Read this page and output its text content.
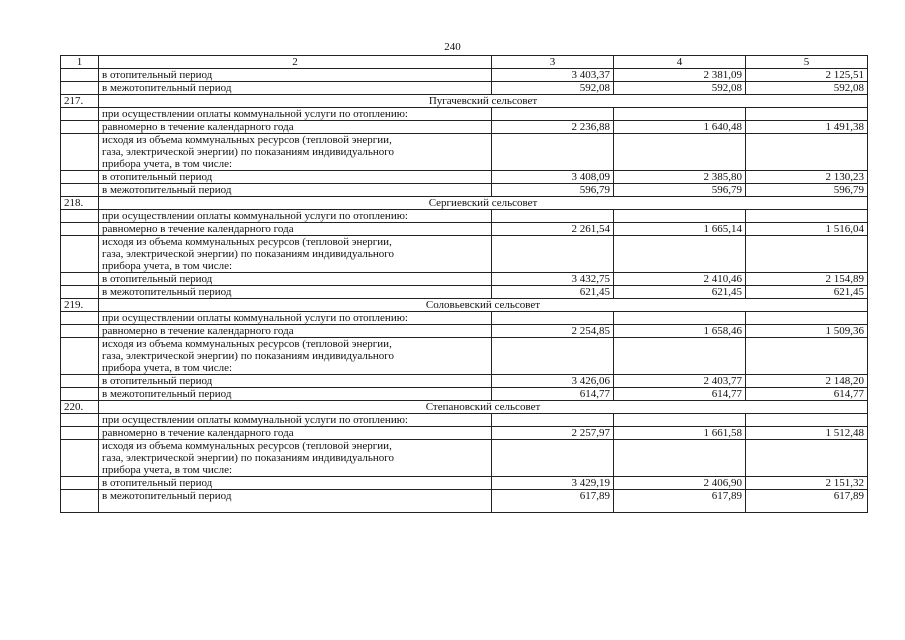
240
1	2	3	4	5
	в отопительный период	3 403,37	2 381,09	2 125,51
	в межотопительный период	592,08	592,08	592,08
217.	Пугачевский сельсовет			
	при осуществлении оплаты коммунальной услуги по отоплению:			
	равномерно в течение календарного года	2 236,88	1 640,48	1 491,38

	исходя из объема коммунальных ресурсов (тепловой энергии,
газа, электрической энергии) по показаниям индивидуального
прибора учета, в том числе:			

	в отопительный период	3 408,09	2 385,80	2 130,23
	в межотопительный период	596,79	596,79	596,79
218.	Сергиевский сельсовет			
	при осуществлении оплаты коммунальной услуги по отоплению:			
	равномерно в течение календарного года	2 261,54	1 665,14	1 516,04

	исходя из объема коммунальных ресурсов (тепловой энергии,
газа, электрической энергии) по показаниям индивидуального
прибора учета, в том числе:			

	в отопительный период	3 432,75	2 410,46	2 154,89
	в межотопительный период	621,45	621,45	621,45
219.	Соловьевский сельсовет			
	при осуществлении оплаты коммунальной услуги по отоплению:			
	равномерно в течение календарного года	2 254,85	1 658,46	1 509,36

	исходя из объема коммунальных ресурсов (тепловой энергии,
газа, электрической энергии) по показаниям индивидуального
прибора учета, в том числе:			

	в отопительный период	3 426,06	2 403,77	2 148,20
	в межотопительный период	614,77	614,77	614,77
220.	Степановский сельсовет			
	при осуществлении оплаты коммунальной услуги по отоплению:			
	равномерно в течение календарного года	2 257,97	1 661,58	1 512,48

	исходя из объема коммунальных ресурсов (тепловой энергии,
газа, электрической энергии) по показаниям индивидуального
прибора учета, в том числе:			

	в отопительный период	3 429,19	2 406,90	2 151,32
	в межотопительный период	617,89	617,89	617,89
